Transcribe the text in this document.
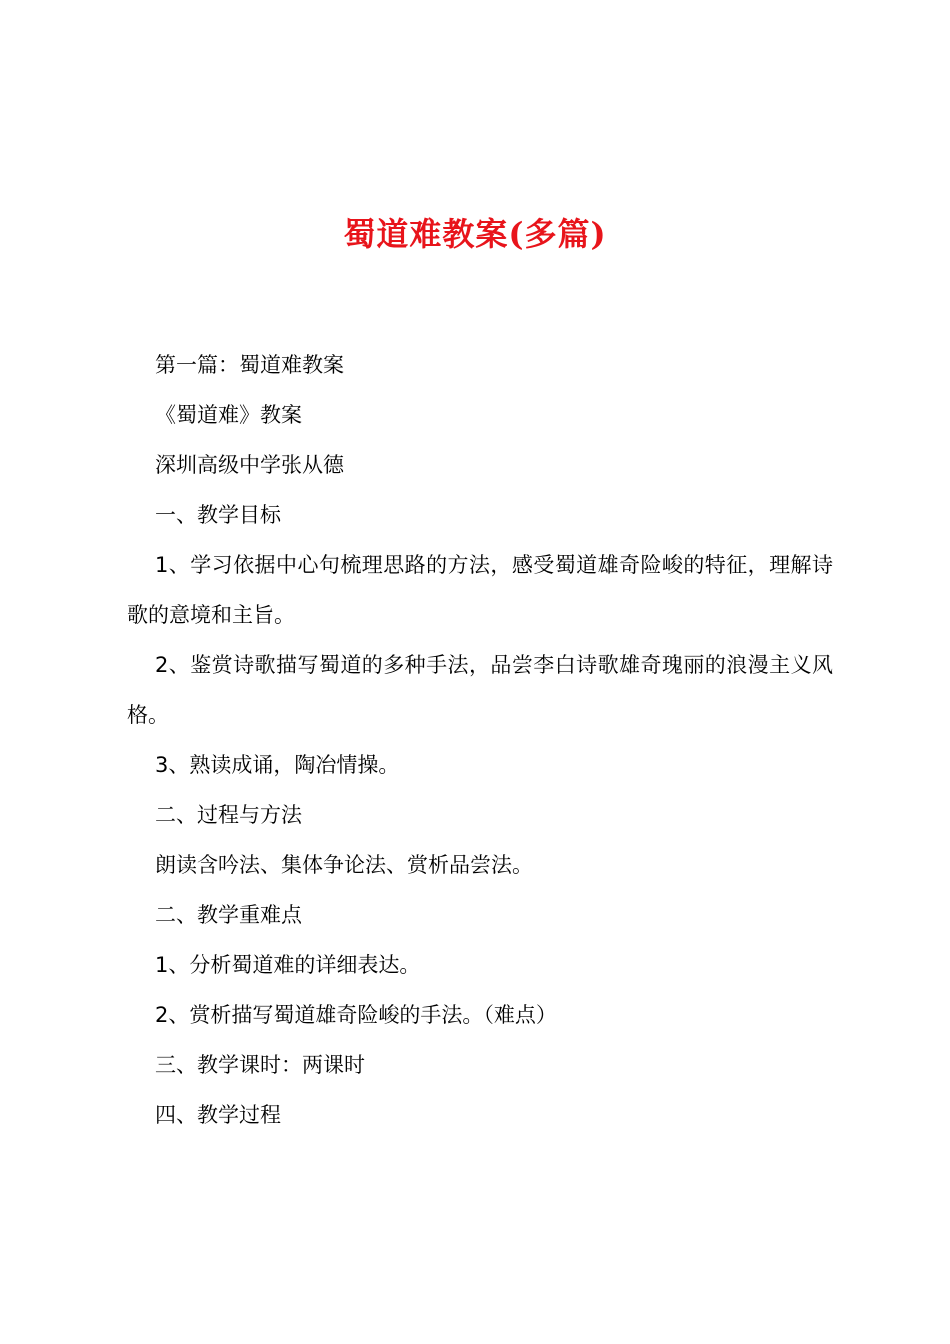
蜀道难教案(多篇)

第一篇：蜀道难教案

《蜀道难》教案

深圳高级中学张从德

一、教学目标

1、学习依据中心句梳理思路的方法，感受蜀道雄奇险峻的特征，理解诗歌的意境和主旨。

2、鉴赏诗歌描写蜀道的多种手法，品尝李白诗歌雄奇瑰丽的浪漫主义风格。

3、熟读成诵，陶冶情操。

二、过程与方法

朗读含吟法、集体争论法、赏析品尝法。

二、教学重难点

1、分析蜀道难的详细表达。

2、赏析描写蜀道雄奇险峻的手法。（难点）

三、教学课时：两课时

四、教学过程
